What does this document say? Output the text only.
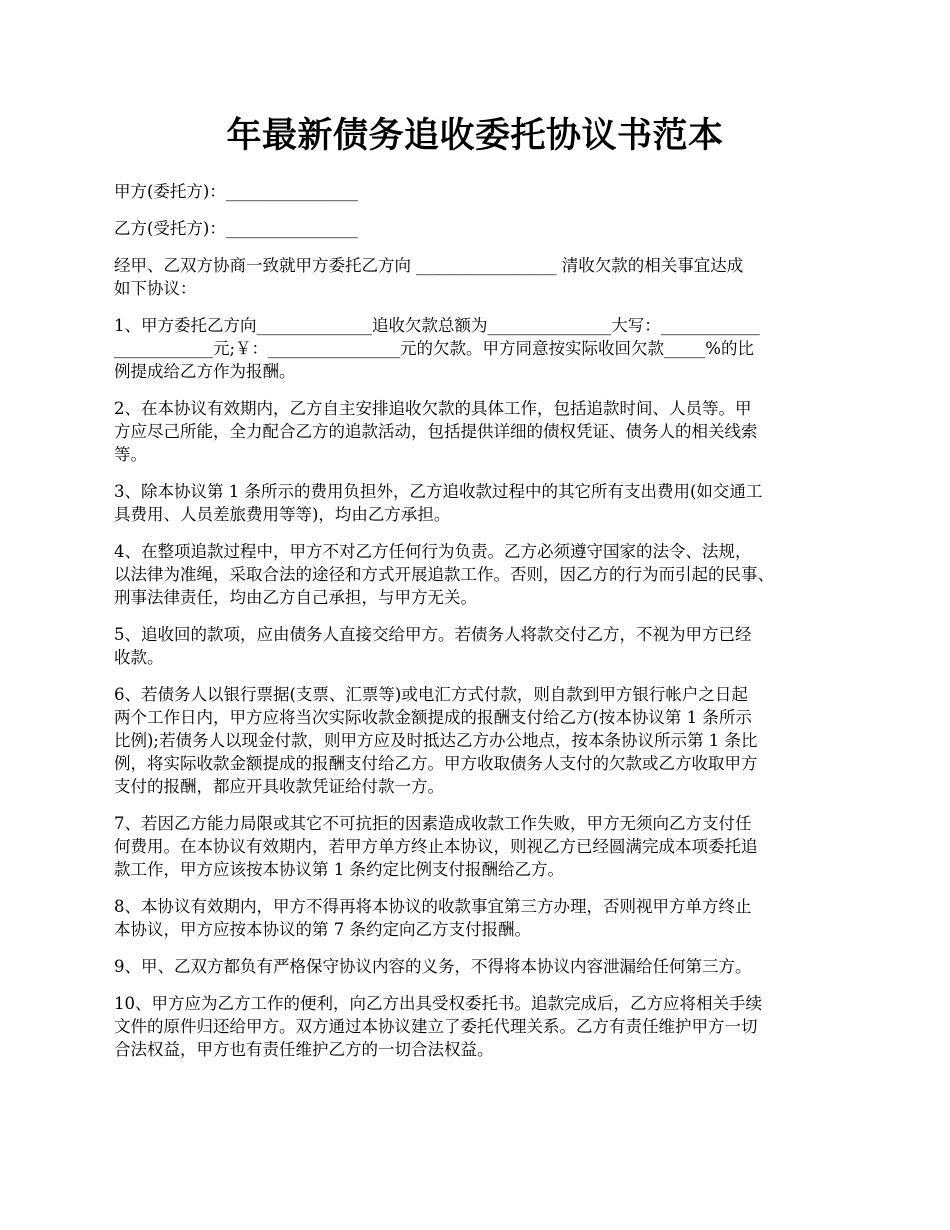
年最新债务追收委托协议书范本

甲方(委托方)：________________

乙方(受托方)：________________

经甲、乙双方协商一致就甲方委托乙方向 _________________ 清收欠款的相关事宜达成
如下协议：

1、甲方委托乙方向______________追收欠款总额为_______________大写：____________
____________元;￥：________________元的欠款。甲方同意按实际收回欠款_____%的比
例提成给乙方作为报酬。

2、在本协议有效期内，乙方自主安排追收欠款的具体工作，包括追款时间、人员等。甲
方应尽己所能，全力配合乙方的追款活动，包括提供详细的债权凭证、债务人的相关线索
等。

3、除本协议第 1 条所示的费用负担外，乙方追收款过程中的其它所有支出费用(如交通工
具费用、人员差旅费用等等)，均由乙方承担。

4、在整项追款过程中，甲方不对乙方任何行为负责。乙方必须遵守国家的法令、法规，
以法律为准绳，采取合法的途径和方式开展追款工作。否则，因乙方的行为而引起的民事、
刑事法律责任，均由乙方自己承担，与甲方无关。

5、追收回的款项，应由债务人直接交给甲方。若债务人将款交付乙方，不视为甲方已经
收款。

6、若债务人以银行票据(支票、汇票等)或电汇方式付款，则自款到甲方银行帐户之日起
两个工作日内，甲方应将当次实际收款金额提成的报酬支付给乙方(按本协议第 1 条所示
比例);若债务人以现金付款，则甲方应及时抵达乙方办公地点，按本条协议所示第 1 条比
例，将实际收款金额提成的报酬支付给乙方。甲方收取债务人支付的欠款或乙方收取甲方
支付的报酬，都应开具收款凭证给付款一方。

7、若因乙方能力局限或其它不可抗拒的因素造成收款工作失败，甲方无须向乙方支付任
何费用。在本协议有效期内，若甲方单方终止本协议，则视乙方已经圆满完成本项委托追
款工作，甲方应该按本协议第 1 条约定比例支付报酬给乙方。

8、本协议有效期内，甲方不得再将本协议的收款事宜第三方办理，否则视甲方单方终止
本协议，甲方应按本协议的第 7 条约定向乙方支付报酬。

9、甲、乙双方都负有严格保守协议内容的义务，不得将本协议内容泄漏给任何第三方。

10、甲方应为乙方工作的便利，向乙方出具受权委托书。追款完成后，乙方应将相关手续
文件的原件归还给甲方。双方通过本协议建立了委托代理关系。乙方有责任维护甲方一切
合法权益，甲方也有责任维护乙方的一切合法权益。
